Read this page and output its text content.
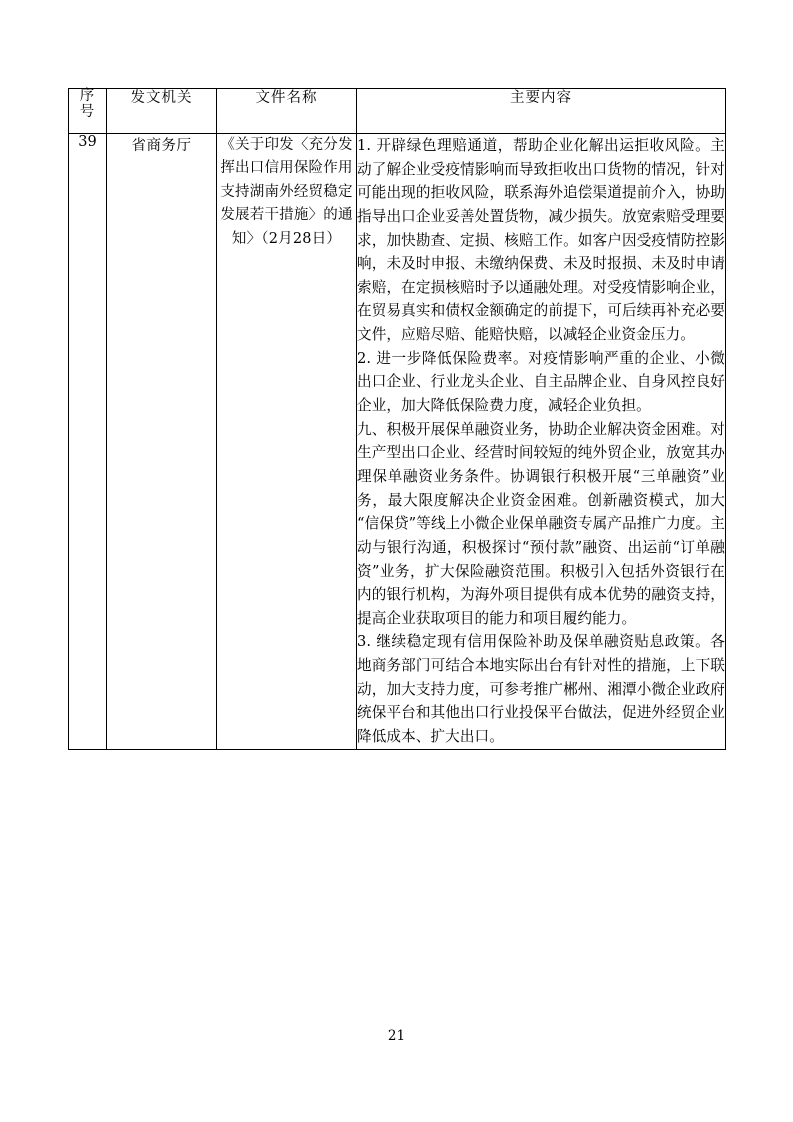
序
号	发文机关	文件名称	主要内容
39	省商务厅	《关于印发〈充分发挥出口信用保险作用 支持湖南外经贸稳定发展若干措施〉的通知〉（2月28日）	1. 开辟绿色理赔通道，帮助企业化解出运拒收风险。主动了解企业受疫情影响而导致拒收出口货物的情况，针对可能出现的拒收风险，联系海外追偿渠道提前介入，协助指导出口企业妥善处置货物，减少损失。放宽索赔受理要求，加快勘查、定损、核赔工作。如客户因受疫情防控影响，未及时申报、未缴纳保费、未及时报损、未及时申请索赔，在定损核赔时予以通融处理。对受疫情影响企业，在贸易真实和债权金额确定的前提下，可后续再补充必要文件，应赔尽赔、能赔快赔，以减轻企业资金压力。

2. 进一步降低保险费率。对疫情影响严重的企业、小微出口企业、行业龙头企业、自主品牌企业、自身风控良好企业，加大降低保险费力度，减轻企业负担。

九、积极开展保单融资业务，协助企业解决资金困难。对生产型出口企业、经营时间较短的纯外贸企业，放宽其办理保单融资业务条件。协调银行积极开展“三单融资”业务，最大限度解决企业资金困难。创新融资模式，加大“信保贷”等线上小微企业保单融资专属产品推广力度。主动与银行沟通，积极探讨“预付款”融资、出运前“订单融资”业务，扩大保险融资范围。积极引入包括外资银行在内的银行机构，为海外项目提供有成本优势的融资支持，提高企业获取项目的能力和项目履约能力。

3. 继续稳定现有信用保险补助及保单融资贴息政策。各地商务部门可结合本地实际出台有针对性的措施，上下联动，加大支持力度，可参考推广郴州、湘潭小微企业政府统保平台和其他出口行业投保平台做法，促进外经贸企业降低成本、扩大出口。

21
